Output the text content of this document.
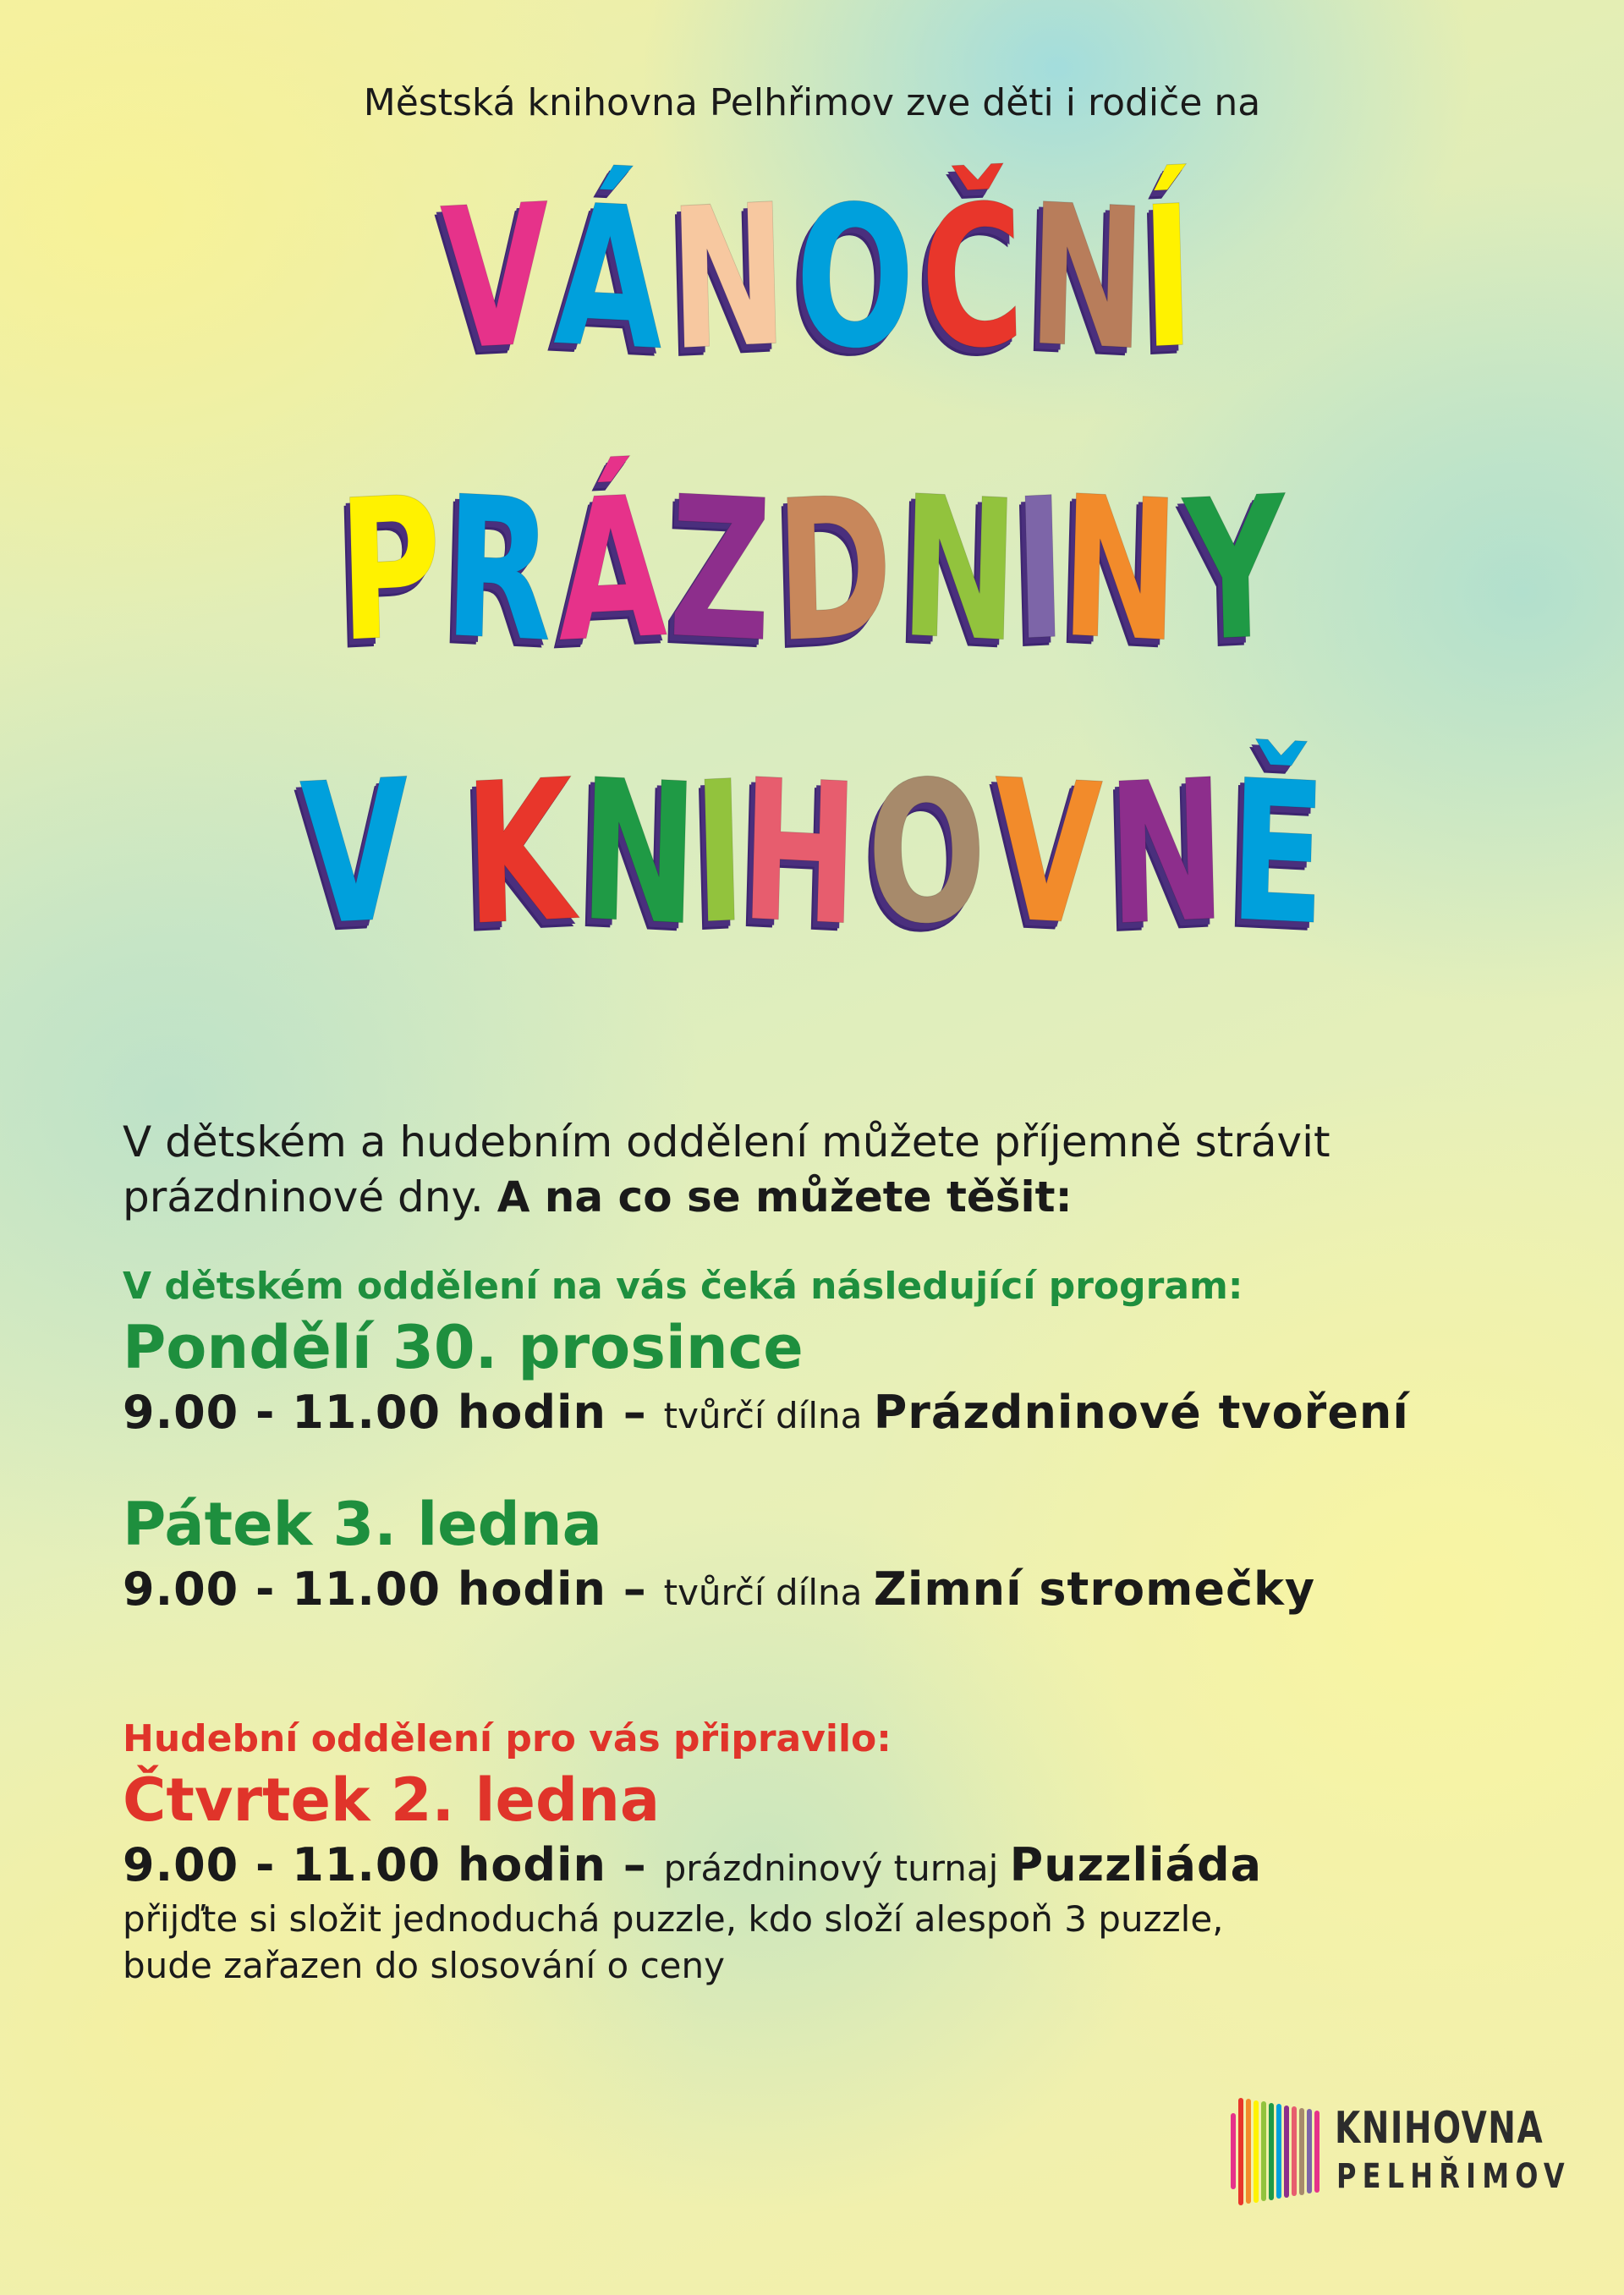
Městská knihovna Pelhřimov zve děti i rodiče na
VÁNOČNÍ
PRÁZDNINY
V KNIHOVNĚ
V dětském a hudebním oddělení můžete příjemně strávit prázdninové dny. A na co se můžete těšit:
V dětském oddělení na vás čeká následující program:
Pondělí 30. prosince
9.00 - 11.00 hodin – tvůrčí dílna Prázdninové tvoření
Pátek 3. ledna
9.00 - 11.00 hodin – tvůrčí dílna Zimní stromečky
Hudební oddělení pro vás připravilo:
Čtvrtek 2. ledna
9.00 - 11.00 hodin – prázdninový turnaj Puzzliáda
přijďte si složit jednoduchá puzzle, kdo složí alespoň 3 puzzle,
bude zařazen do slosování o ceny
KNIHOVNA
PELHŘIMOV
